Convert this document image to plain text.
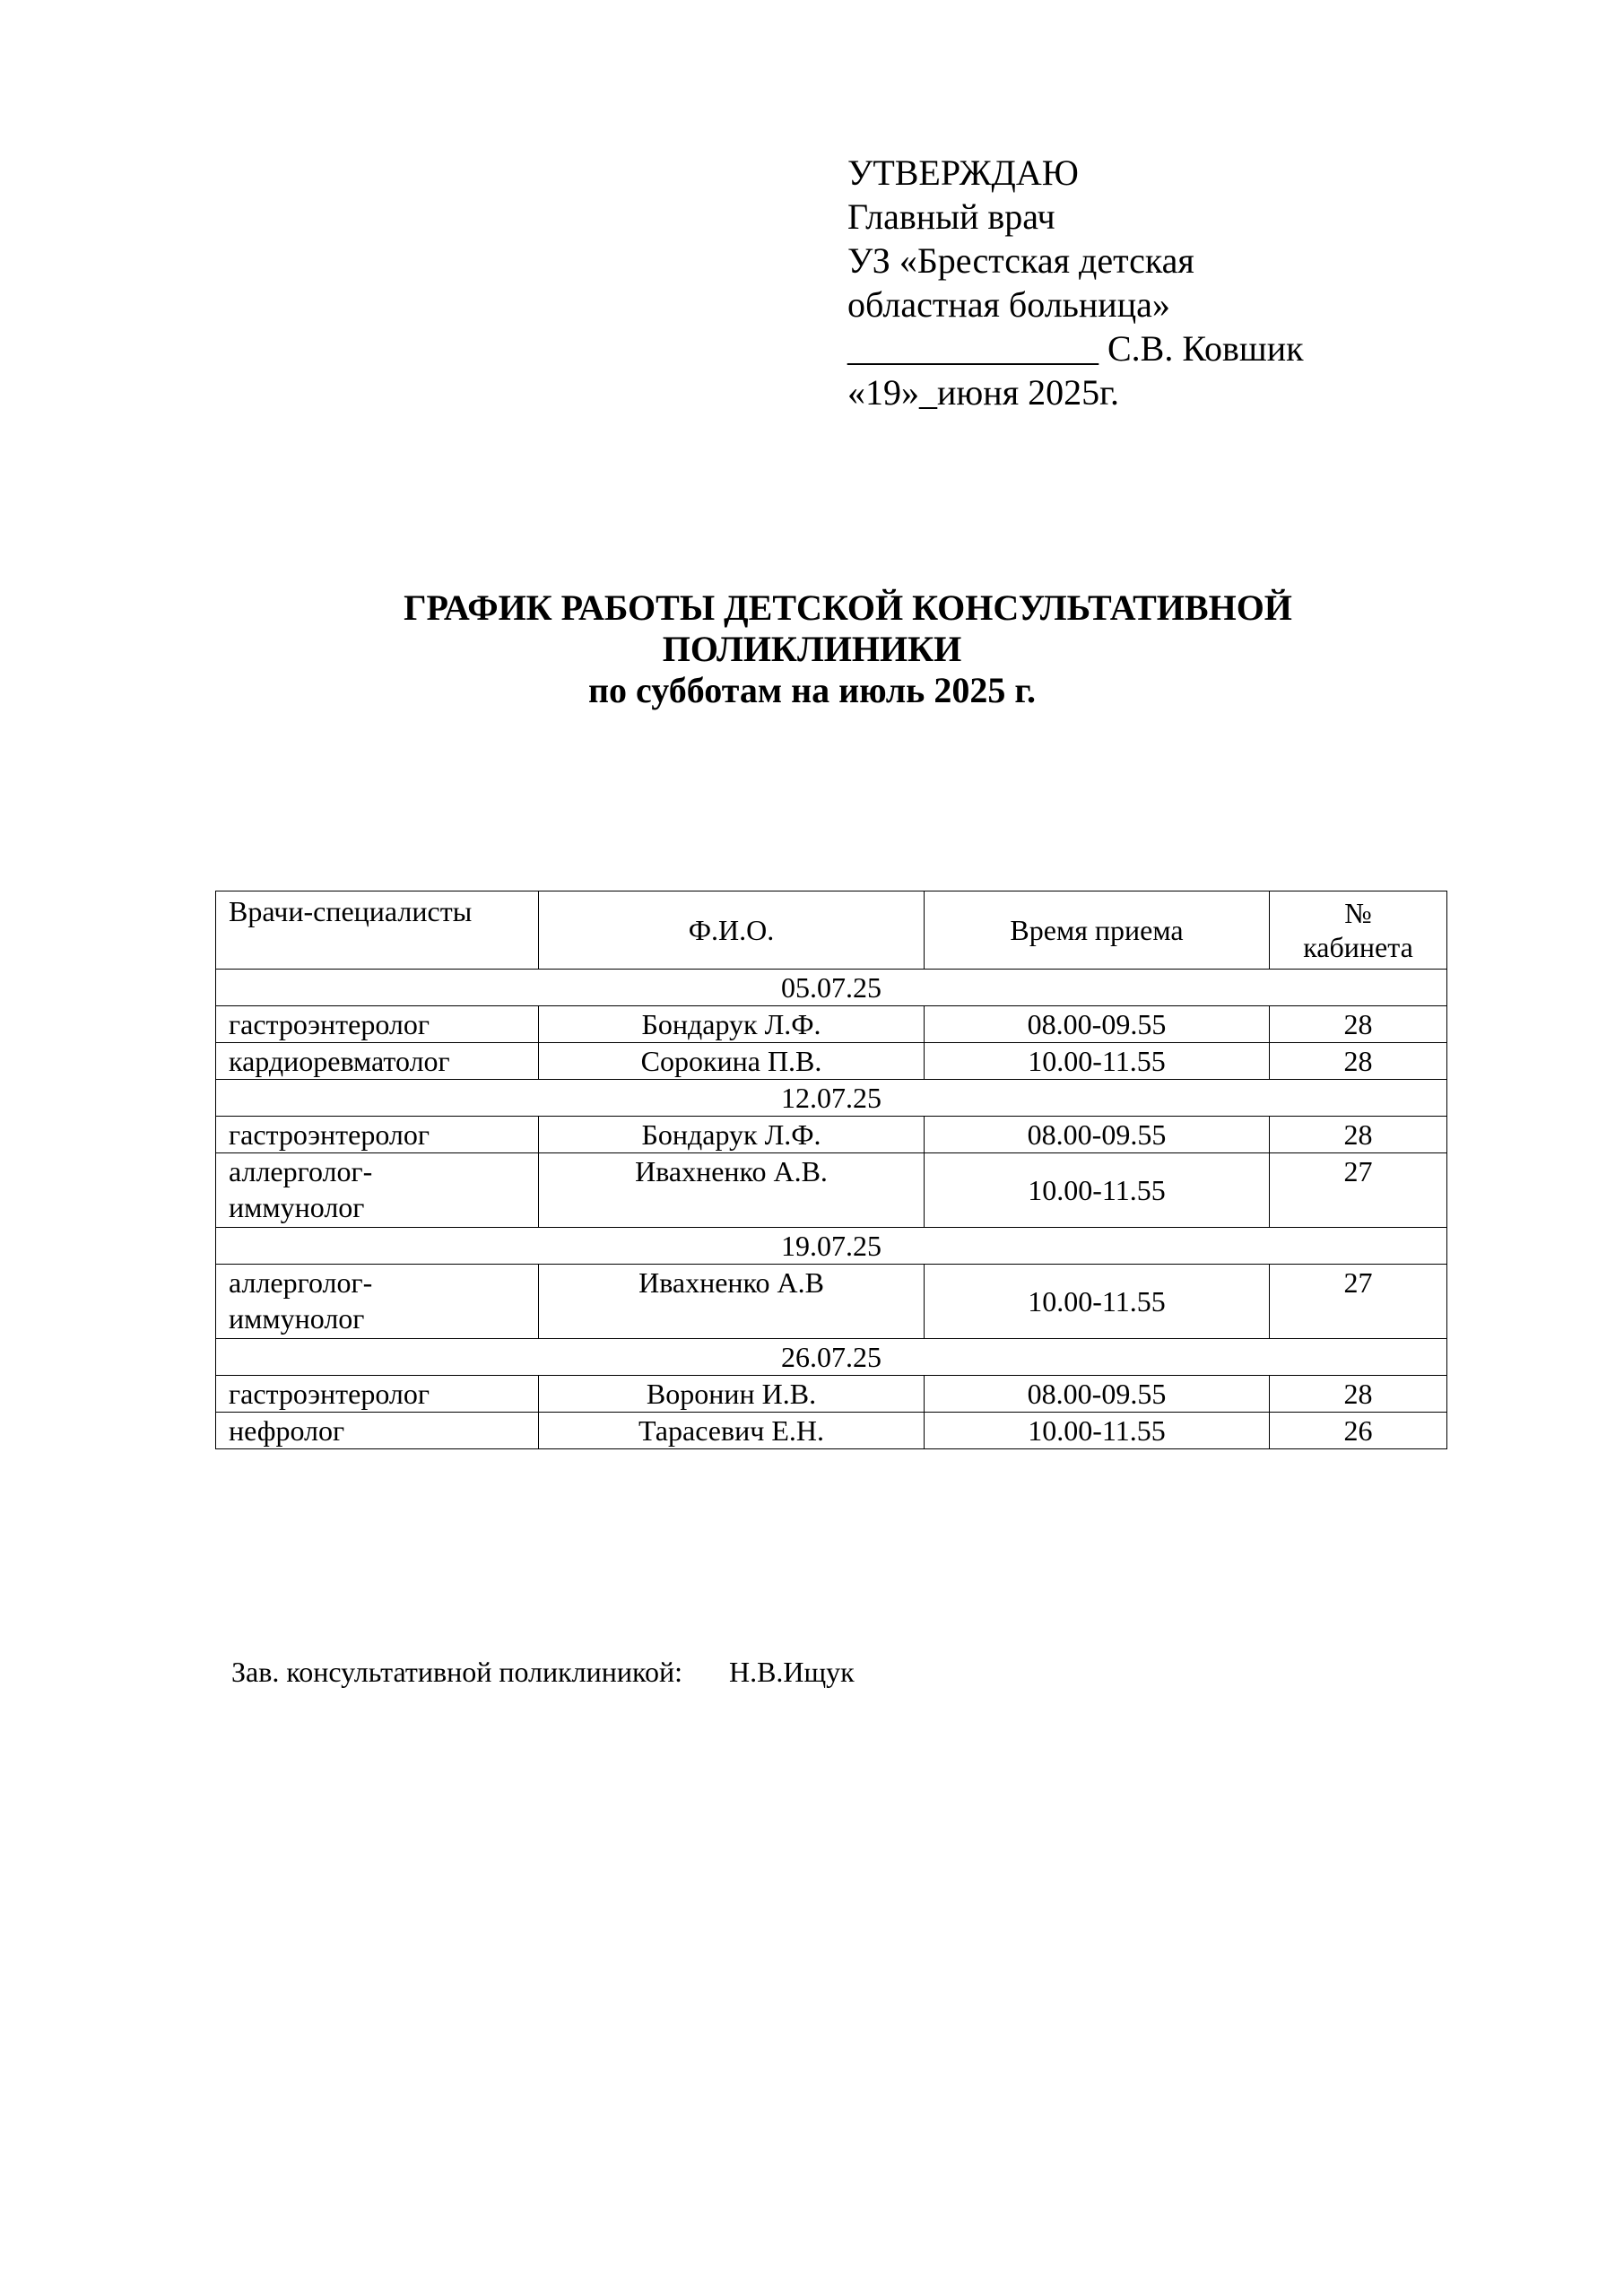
УТВЕРЖДАЮ
Главный врач
УЗ «Брестская детская
областная больница»
______________ С.В. Ковшик
«19»_июня 2025г.
ГРАФИК РАБОТЫ ДЕТСКОЙ КОНСУЛЬТАТИВНОЙ
ПОЛИКЛИНИКИ
по субботам на июль 2025 г.
Врачи-специалисты	Ф.И.О.	Время приема	№
кабинета

05.07.25			
гастроэнтеролог	Бондарук Л.Ф.	08.00-09.55	28
кардиоревматолог	Сорокина П.В.	10.00-11.55	28
12.07.25			
гастроэнтеролог	Бондарук Л.Ф.	08.00-09.55	28

аллерголог-
иммунолог	Ивахненко А.В.	10.00-11.55	27
19.07.25			

аллерголог-
иммунолог	Ивахненко А.В	10.00-11.55	27
26.07.25			
гастроэнтеролог	Воронин И.В.	08.00-09.55	28
нефролог	Тарасевич Е.Н.	10.00-11.55	26
Зав. консультативной поликлиникой: Н.В.Ищук
